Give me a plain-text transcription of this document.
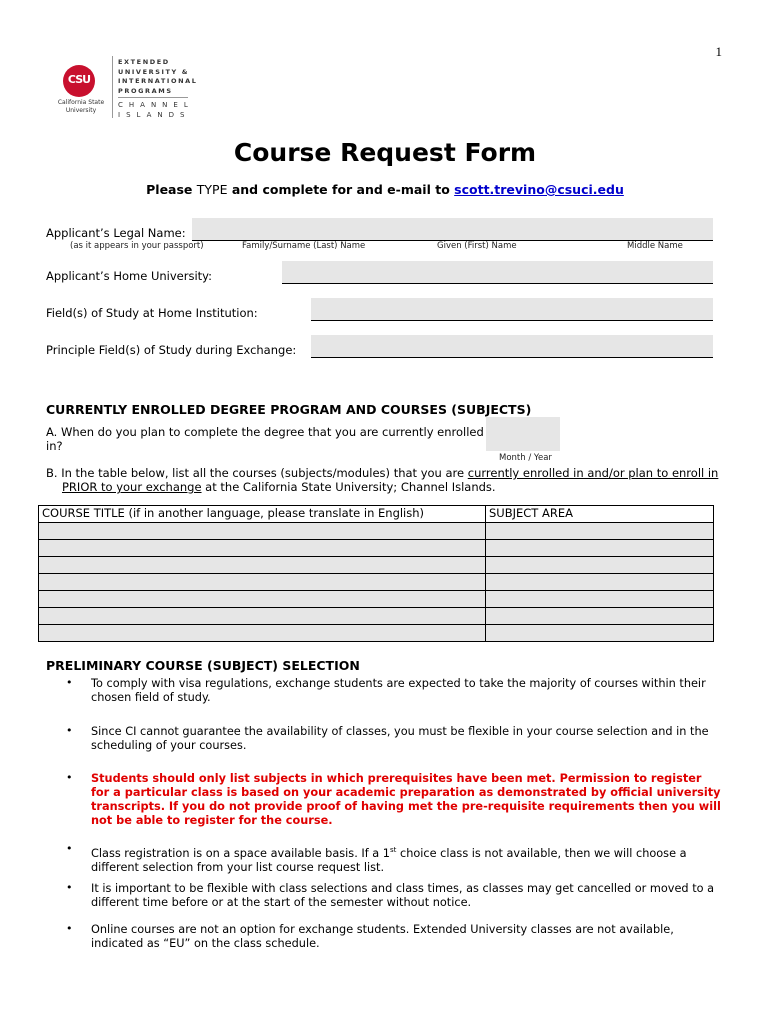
1
CSU
California State University
EXTENDED UNIVERSITY & INTERNATIONAL PROGRAMS
CHANNEL ISLANDS
Course Request Form
Please TYPE and complete for and e-mail to scott.trevino@csuci.edu
Applicant’s Legal Name:
(as it appears in your passport)	Family/Surname (Last) Name	Given (First) Name	Middle Name
Applicant’s Home University:
Field(s) of Study at Home Institution:
Principle Field(s) of Study during Exchange:
CURRENTLY ENROLLED DEGREE PROGRAM AND COURSES (SUBJECTS)
A. When do you plan to complete the degree that you are currently enrolled
in?
Month / Year
B. In the table below, list all the courses (subjects/modules) that you are currently enrolled in and/or plan to enroll in
PRIOR to your exchange at the California State University; Channel Islands.
COURSE TITLE (if in another language, please translate in English)	SUBJECT AREA

PRELIMINARY COURSE (SUBJECT) SELECTION
• To comply with visa regulations, exchange students are expected to take the majority of courses within their chosen field of study.
• Since CI cannot guarantee the availability of classes, you must be flexible in your course selection and in the scheduling of your courses.
• Students should only list subjects in which prerequisites have been met. Permission to register for a particular class is based on your academic preparation as demonstrated by official university transcripts. If you do not provide proof of having met the pre-requisite requirements then you will not be able to register for the course.
• Class registration is on a space available basis. If a 1st choice class is not available, then we will choose a different selection from your list course request list.
• It is important to be flexible with class selections and class times, as classes may get cancelled or moved to a different time before or at the start of the semester without notice.
• Online courses are not an option for exchange students. Extended University classes are not available, indicated as “EU” on the class schedule.
